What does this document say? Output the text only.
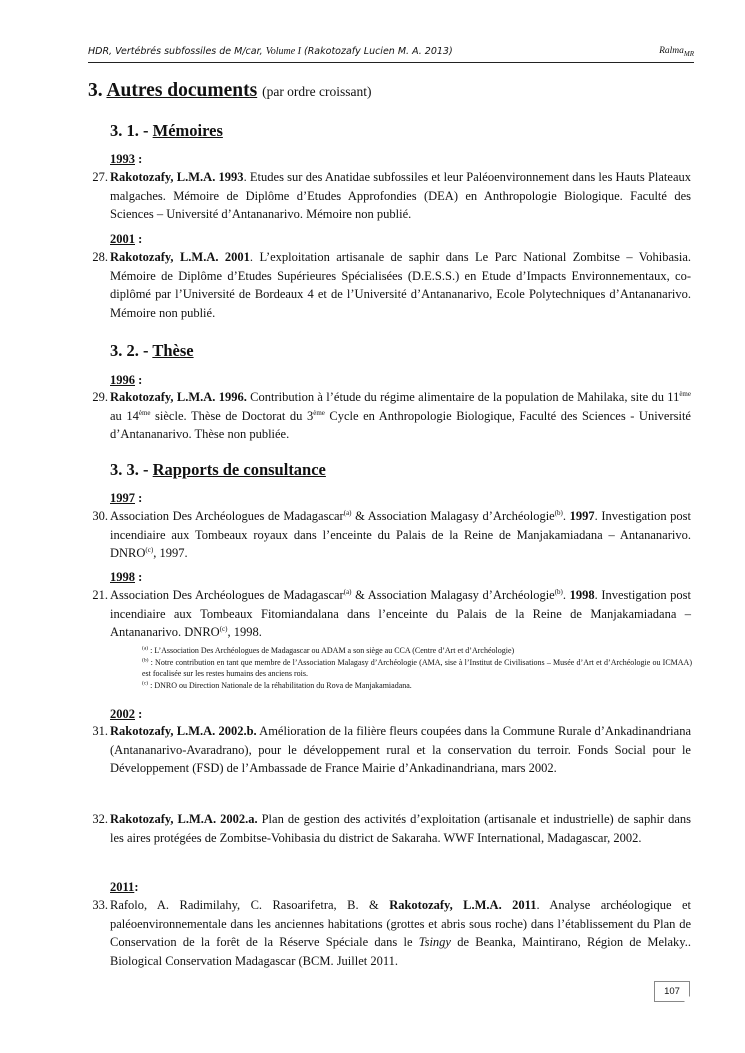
HDR, Vertébrés subfossiles de M/car, Volume I (Rakotozafy Lucien M. A. 2013)	Ralma$_{MR}$
3. Autres documents (par ordre croissant)
3. 1. - Mémoires
1993 :
27. Rakotozafy, L.M.A. 1993. Etudes sur des Anatidae subfossiles et leur Paléoenvironnement dans les Hauts Plateaux malgaches. Mémoire de Diplôme d’Etudes Approfondies (DEA) en Anthropologie Biologique. Faculté des Sciences – Université d’Antananarivo. Mémoire non publié.
2001 :
28. Rakotozafy, L.M.A. 2001. L’exploitation artisanale de saphir dans Le Parc National Zombitse – Vohibasia. Mémoire de Diplôme d’Etudes Supérieures Spécialisées (D.E.S.S.) en Etude d’Impacts Environnementaux, co-diplômé par l’Université de Bordeaux 4 et de l’Université d’Antananarivo, Ecole Polytechniques d’Antananarivo. Mémoire non publié.
3. 2. - Thèse
1996 :
29. Rakotozafy, L.M.A. 1996. Contribution à l’étude du régime alimentaire de la population de Mahilaka, site du 11ème au 14ème siècle. Thèse de Doctorat du 3ème Cycle en Anthropologie Biologique, Faculté des Sciences - Université d’Antananarivo. Thèse non publiée.
3. 3. - Rapports de consultance
1997 :
30. Association Des Archéologues de Madagascar$^{(a)}$ & Association Malagasy d’Archéologie$^{(b)}$. 1997. Investigation post incendiaire aux Tombeaux royaux dans l’enceinte du Palais de la Reine de Manjakamiadana – Antananarivo. DNRO$^{(c)}$, 1997.
1998 :
21. Association Des Archéologues de Madagascar$^{(a)}$ & Association Malagasy d’Archéologie$^{(b)}$. 1998. Investigation post incendiaire aux Tombeaux Fitomiandalana dans l’enceinte du Palais de la Reine de Manjakamiadana – Antananarivo. DNRO$^{(c)}$, 1998.
$^{(a)}$ : L’Association Des Archéologues de Madagascar ou ADAM a son siège au CCA (Centre d’Art et d’Archéologie)
$^{(b)}$ : Notre contribution en tant que membre de l’Association Malagasy d’Archéologie (AMA, sise à l’Institut de Civilisations – Musée d’Art et d’Archéologie ou ICMAA) est focalisée sur les restes humains des anciens rois.
$^{(c)}$ : DNRO ou Direction Nationale de la réhabilitation du Rova de Manjakamiadana.
2002 :
31. Rakotozafy, L.M.A. 2002.b. Amélioration de la filière fleurs coupées dans la Commune Rurale d’Ankadinandriana (Antananarivo-Avaradrano), pour le développement rural et la conservation du terroir. Fonds Social pour le Développement (FSD) de l’Ambassade de France Mairie d’Ankadinandriana, mars 2002.
32. Rakotozafy, L.M.A. 2002.a. Plan de gestion des activités d’exploitation (artisanale et industrielle) de saphir dans les aires protégées de Zombitse-Vohibasia du district de Sakaraha. WWF International, Madagascar, 2002.
2011:
33. Rafolo, A. Radimilahy, C. Rasoarifetra, B. & Rakotozafy, L.M.A. 2011. Analyse archéologique et paléoenvironnementale dans les anciennes habitations (grottes et abris sous roche) dans l’établissement du Plan de Conservation de la forêt de la Réserve Spéciale dans le Tsingy de Beanka, Maintirano, Région de Melaky.. Biological Conservation Madagascar (BCM. Juillet 2011.
107
